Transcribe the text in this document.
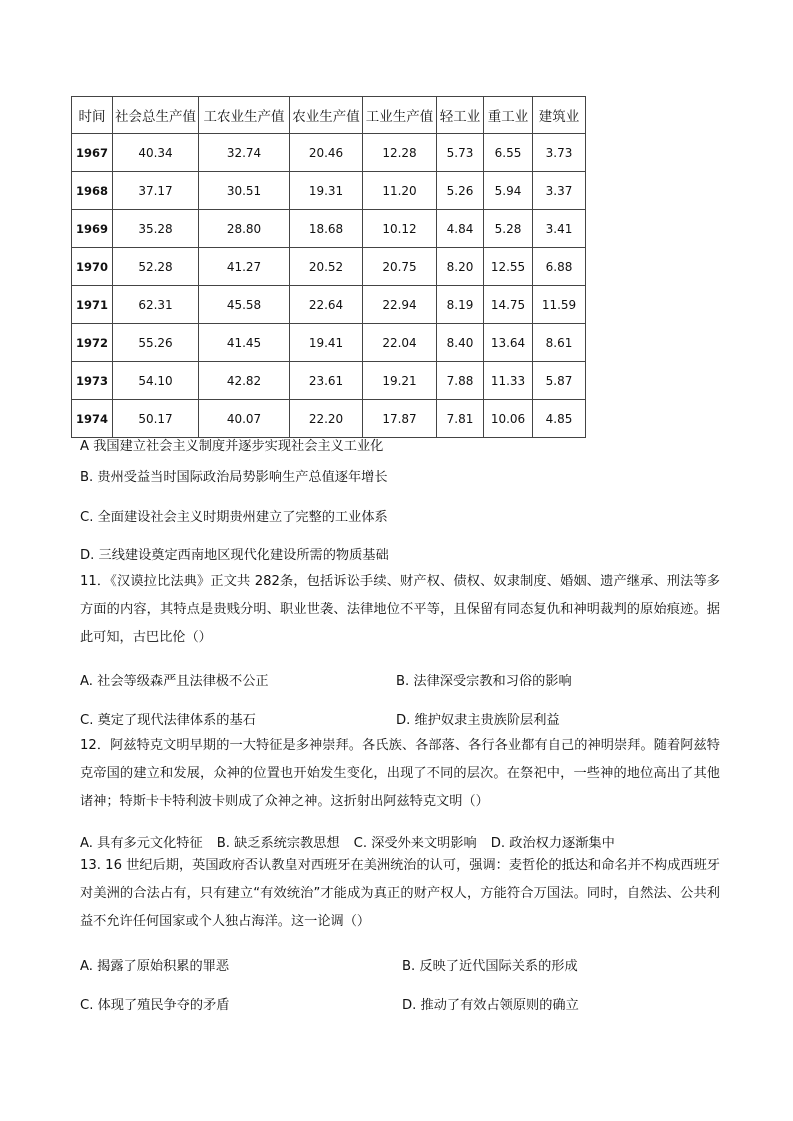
时间	社会总生产值	工农业生产值	农业生产值	工业生产值	轻工业	重工业	建筑业
1967	40.34	32.74	20.46	12.28	5.73	6.55	3.73
1968	37.17	30.51	19.31	11.20	5.26	5.94	3.37
1969	35.28	28.80	18.68	10.12	4.84	5.28	3.41
1970	52.28	41.27	20.52	20.75	8.20	12.55	6.88
1971	62.31	45.58	22.64	22.94	8.19	14.75	11.59
1972	55.26	41.45	19.41	22.04	8.40	13.64	8.61
1973	54.10	42.82	23.61	19.21	7.88	11.33	5.87
1974	50.17	40.07	22.20	17.87	7.81	10.06	4.85
A 我国建立社会主义制度并逐步实现社会主义工业化
B. 贵州受益当时国际政治局势影响生产总值逐年增长
C. 全面建设社会主义时期贵州建立了完整的工业体系
D. 三线建设奠定西南地区现代化建设所需的物质基础
11．《汉谟拉比法典》正文共 282条，包括诉讼手续、财产权、债权、奴隶制度、婚姻、遗产继承、刑法等多方面的内容，其特点是贵贱分明、职业世袭、法律地位不平等，且保留有同态复仇和神明裁判的原始痕迹。据此可知，古巴比伦（）
A. 社会等级森严且法律极不公正	B. 法律深受宗教和习俗的影响
C. 奠定了现代法律体系的基石	D. 维护奴隶主贵族阶层利益
12．阿兹特克文明早期的一大特征是多神崇拜。各氏族、各部落、各行各业都有自己的神明崇拜。随着阿兹特克帝国的建立和发展，众神的位置也开始发生变化，出现了不同的层次。在祭祀中，一些神的地位高出了其他诸神；特斯卡卡特利波卡则成了众神之神。这折射出阿兹特克文明（）
A. 具有多元文化特征 B. 缺乏系统宗教思想 C. 深受外来文明影响 D. 政治权力逐渐集中
13. 16 世纪后期，英国政府否认教皇对西班牙在美洲统治的认可，强调：麦哲伦的抵达和命名并不构成西班牙对美洲的合法占有，只有建立“有效统治”才能成为真正的财产权人，方能符合万国法。同时，自然法、公共利益不允许任何国家或个人独占海洋。这一论调（）
A. 揭露了原始积累的罪恶	B. 反映了近代国际关系的形成
C. 体现了殖民争夺的矛盾	D. 推动了有效占领原则的确立
